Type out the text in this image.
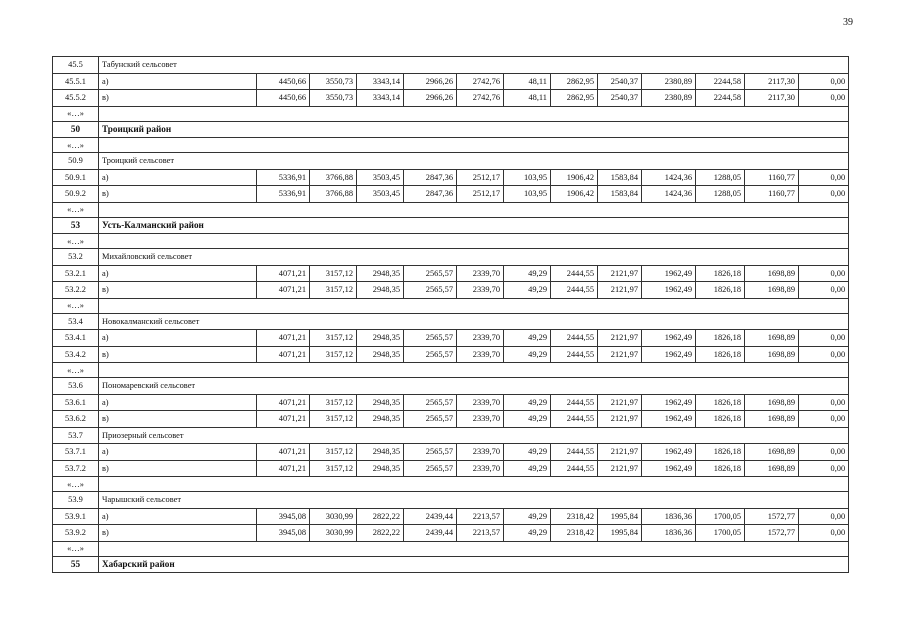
39
45.5	Табунский сельсовет												
45.5.1	а)	4450,66	3550,73	3343,14	2966,26	2742,76	48,11	2862,95	2540,37	2380,89	2244,58	2117,30	0,00
45.5.2	в)	4450,66	3550,73	3343,14	2966,26	2742,76	48,11	2862,95	2540,37	2380,89	2244,58	2117,30	0,00
«…»													
50	Троицкий район												
«…»													
50.9	Троицкий сельсовет												
50.9.1	а)	5336,91	3766,88	3503,45	2847,36	2512,17	103,95	1906,42	1583,84	1424,36	1288,05	1160,77	0,00
50.9.2	в)	5336,91	3766,88	3503,45	2847,36	2512,17	103,95	1906,42	1583,84	1424,36	1288,05	1160,77	0,00
«…»													
53	Усть-Калманский район												
«…»													
53.2	Михайловский сельсовет												
53.2.1	а)	4071,21	3157,12	2948,35	2565,57	2339,70	49,29	2444,55	2121,97	1962,49	1826,18	1698,89	0,00
53.2.2	в)	4071,21	3157,12	2948,35	2565,57	2339,70	49,29	2444,55	2121,97	1962,49	1826,18	1698,89	0,00
«…»													
53.4	Новокалманский сельсовет												
53.4.1	а)	4071,21	3157,12	2948,35	2565,57	2339,70	49,29	2444,55	2121,97	1962,49	1826,18	1698,89	0,00
53.4.2	в)	4071,21	3157,12	2948,35	2565,57	2339,70	49,29	2444,55	2121,97	1962,49	1826,18	1698,89	0,00
«…»													
53.6	Пономаревский сельсовет												
53.6.1	а)	4071,21	3157,12	2948,35	2565,57	2339,70	49,29	2444,55	2121,97	1962,49	1826,18	1698,89	0,00
53.6.2	в)	4071,21	3157,12	2948,35	2565,57	2339,70	49,29	2444,55	2121,97	1962,49	1826,18	1698,89	0,00
53.7	Приозерный сельсовет												
53.7.1	а)	4071,21	3157,12	2948,35	2565,57	2339,70	49,29	2444,55	2121,97	1962,49	1826,18	1698,89	0,00
53.7.2	в)	4071,21	3157,12	2948,35	2565,57	2339,70	49,29	2444,55	2121,97	1962,49	1826,18	1698,89	0,00
«…»													
53.9	Чарышский сельсовет												
53.9.1	а)	3945,08	3030,99	2822,22	2439,44	2213,57	49,29	2318,42	1995,84	1836,36	1700,05	1572,77	0,00
53.9.2	в)	3945,08	3030,99	2822,22	2439,44	2213,57	49,29	2318,42	1995,84	1836,36	1700,05	1572,77	0,00
«…»													
55	Хабарский район												
